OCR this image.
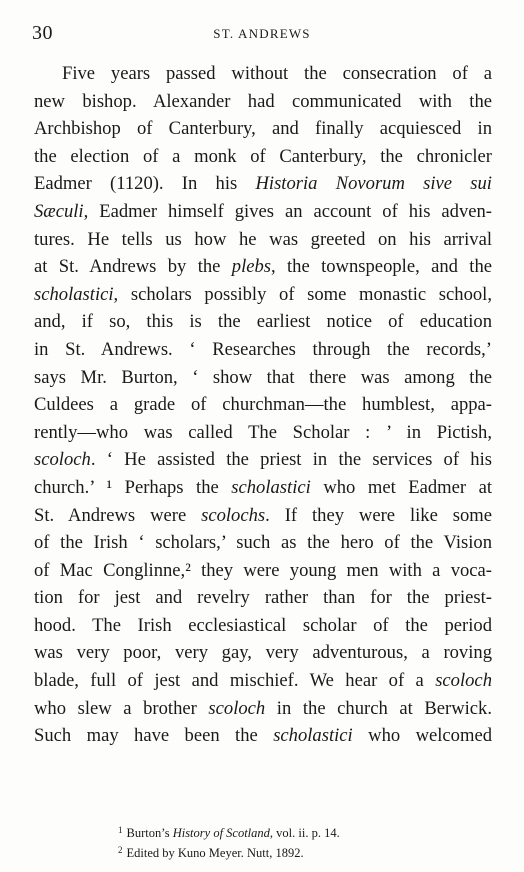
30	ST. ANDREWS
Five years passed without the consecration of a
new bishop. Alexander had communicated with the
Archbishop of Canterbury, and finally acquiesced in
the election of a monk of Canterbury, the chronicler
Eadmer (1120). In his Historia Novorum sive sui
Sæculi, Eadmer himself gives an account of his adven-
tures. He tells us how he was greeted on his arrival
at St. Andrews by the plebs, the townspeople, and the
scholastici, scholars possibly of some monastic school,
and, if so, this is the earliest notice of education
in St. Andrews. ‘ Researches through the records,’
says Mr. Burton, ‘ show that there was among the
Culdees a grade of churchman—the humblest, appa-
rently—who was called The Scholar : ’ in Pictish,
scoloch. ‘ He assisted the priest in the services of his
church.’ ¹ Perhaps the scholastici who met Eadmer at
St. Andrews were scolochs. If they were like some
of the Irish ‘ scholars,’ such as the hero of the Vision
of Mac Conglinne,² they were young men with a voca-
tion for jest and revelry rather than for the priest-
hood. The Irish ecclesiastical scholar of the period
was very poor, very gay, very adventurous, a roving
blade, full of jest and mischief. We hear of a scoloch
who slew a brother scoloch in the church at Berwick.
Such may have been the scholastici who welcomed
$^1$ Burton’s History of Scotland, vol. ii. p. 14.
$^2$ Edited by Kuno Meyer. Nutt, 1892.
